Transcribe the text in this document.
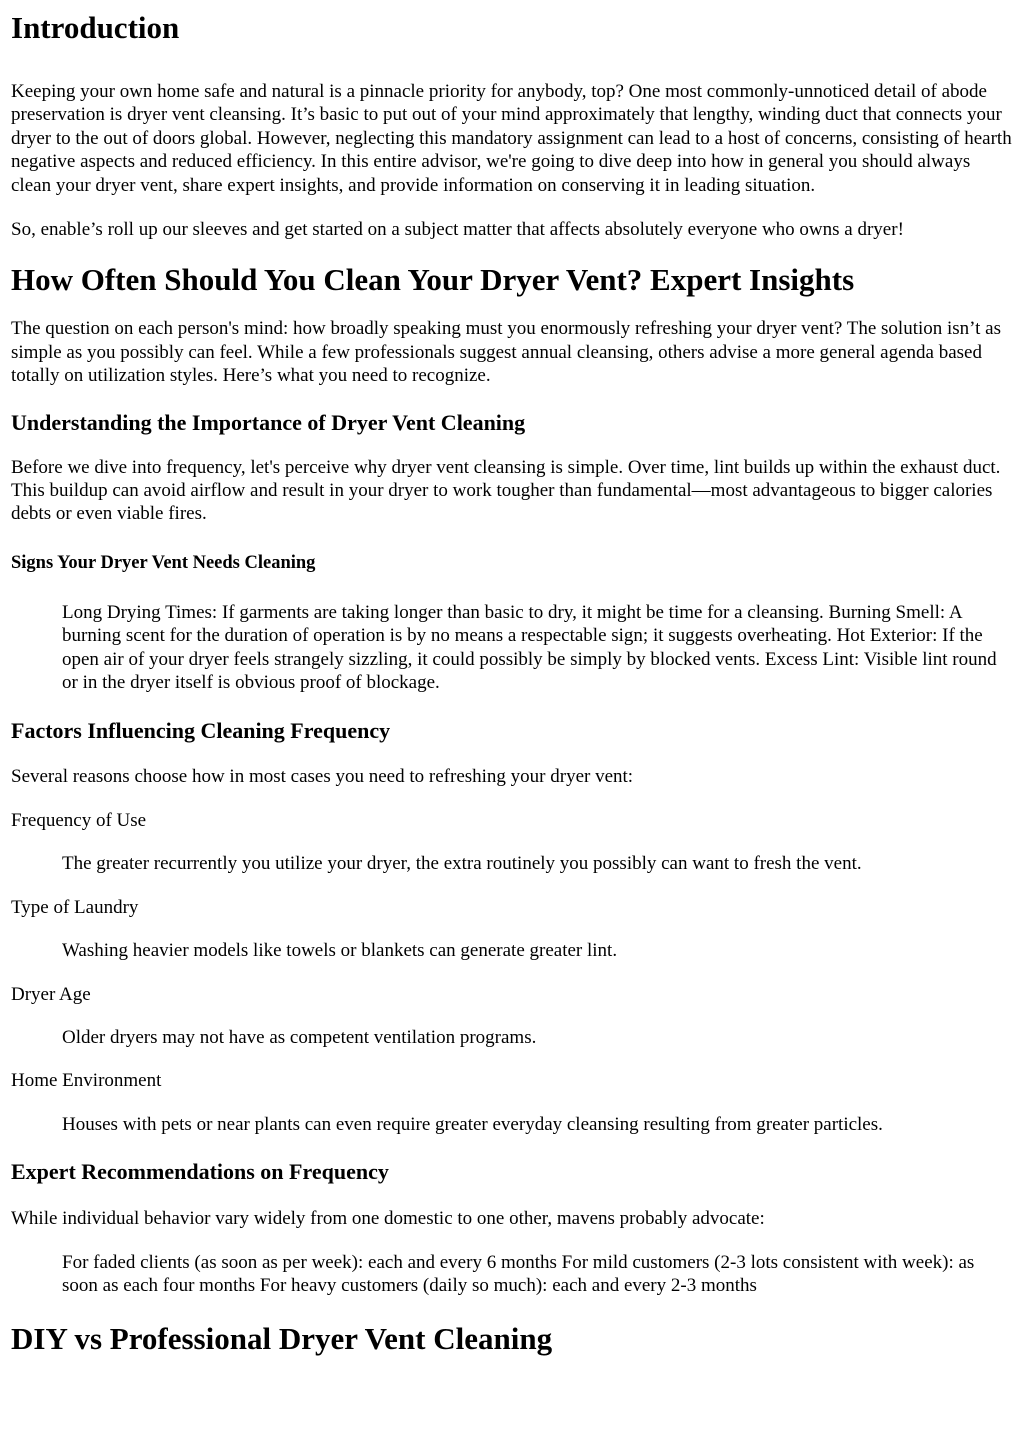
Introduction

Keeping your own home safe and natural is a pinnacle priority for anybody, top? One most commonly-unnoticed detail of abode preservation is dryer vent cleansing. It’s basic to put out of your mind approximately that lengthy, winding duct that connects your dryer to the out of doors global. However, neglecting this mandatory assignment can lead to a host of concerns, consisting of hearth negative aspects and reduced efficiency. In this entire advisor, we're going to dive deep into how in general you should always clean your dryer vent, share expert insights, and provide information on conserving it in leading situation.

So, enable’s roll up our sleeves and get started on a subject matter that affects absolutely everyone who owns a dryer!

How Often Should You Clean Your Dryer Vent? Expert Insights

The question on each person's mind: how broadly speaking must you enormously refreshing your dryer vent? The solution isn’t as simple as you possibly can feel. While a few professionals suggest annual cleansing, others advise a more general agenda based totally on utilization styles. Here’s what you need to recognize.

Understanding the Importance of Dryer Vent Cleaning

Before we dive into frequency, let's perceive why dryer vent cleansing is simple. Over time, lint builds up within the exhaust duct. This buildup can avoid airflow and result in your dryer to work tougher than fundamental—most advantageous to bigger calories debts or even viable fires.

Signs Your Dryer Vent Needs Cleaning

Long Drying Times: If garments are taking longer than basic to dry, it might be time for a cleansing. Burning Smell: A burning scent for the duration of operation is by no means a respectable sign; it suggests overheating. Hot Exterior: If the open air of your dryer feels strangely sizzling, it could possibly be simply by blocked vents. Excess Lint: Visible lint round or in the dryer itself is obvious proof of blockage.

Factors Influencing Cleaning Frequency

Several reasons choose how in most cases you need to refreshing your dryer vent:

Frequency of Use

The greater recurrently you utilize your dryer, the extra routinely you possibly can want to fresh the vent.

Type of Laundry

Washing heavier models like towels or blankets can generate greater lint.

Dryer Age

Older dryers may not have as competent ventilation programs.

Home Environment

Houses with pets or near plants can even require greater everyday cleansing resulting from greater particles.

Expert Recommendations on Frequency

While individual behavior vary widely from one domestic to one other, mavens probably advocate:

For faded clients (as soon as per week): each and every 6 months For mild customers (2-3 lots consistent with week): as soon as each four months For heavy customers (daily so much): each and every 2-3 months

DIY vs Professional Dryer Vent Cleaning
